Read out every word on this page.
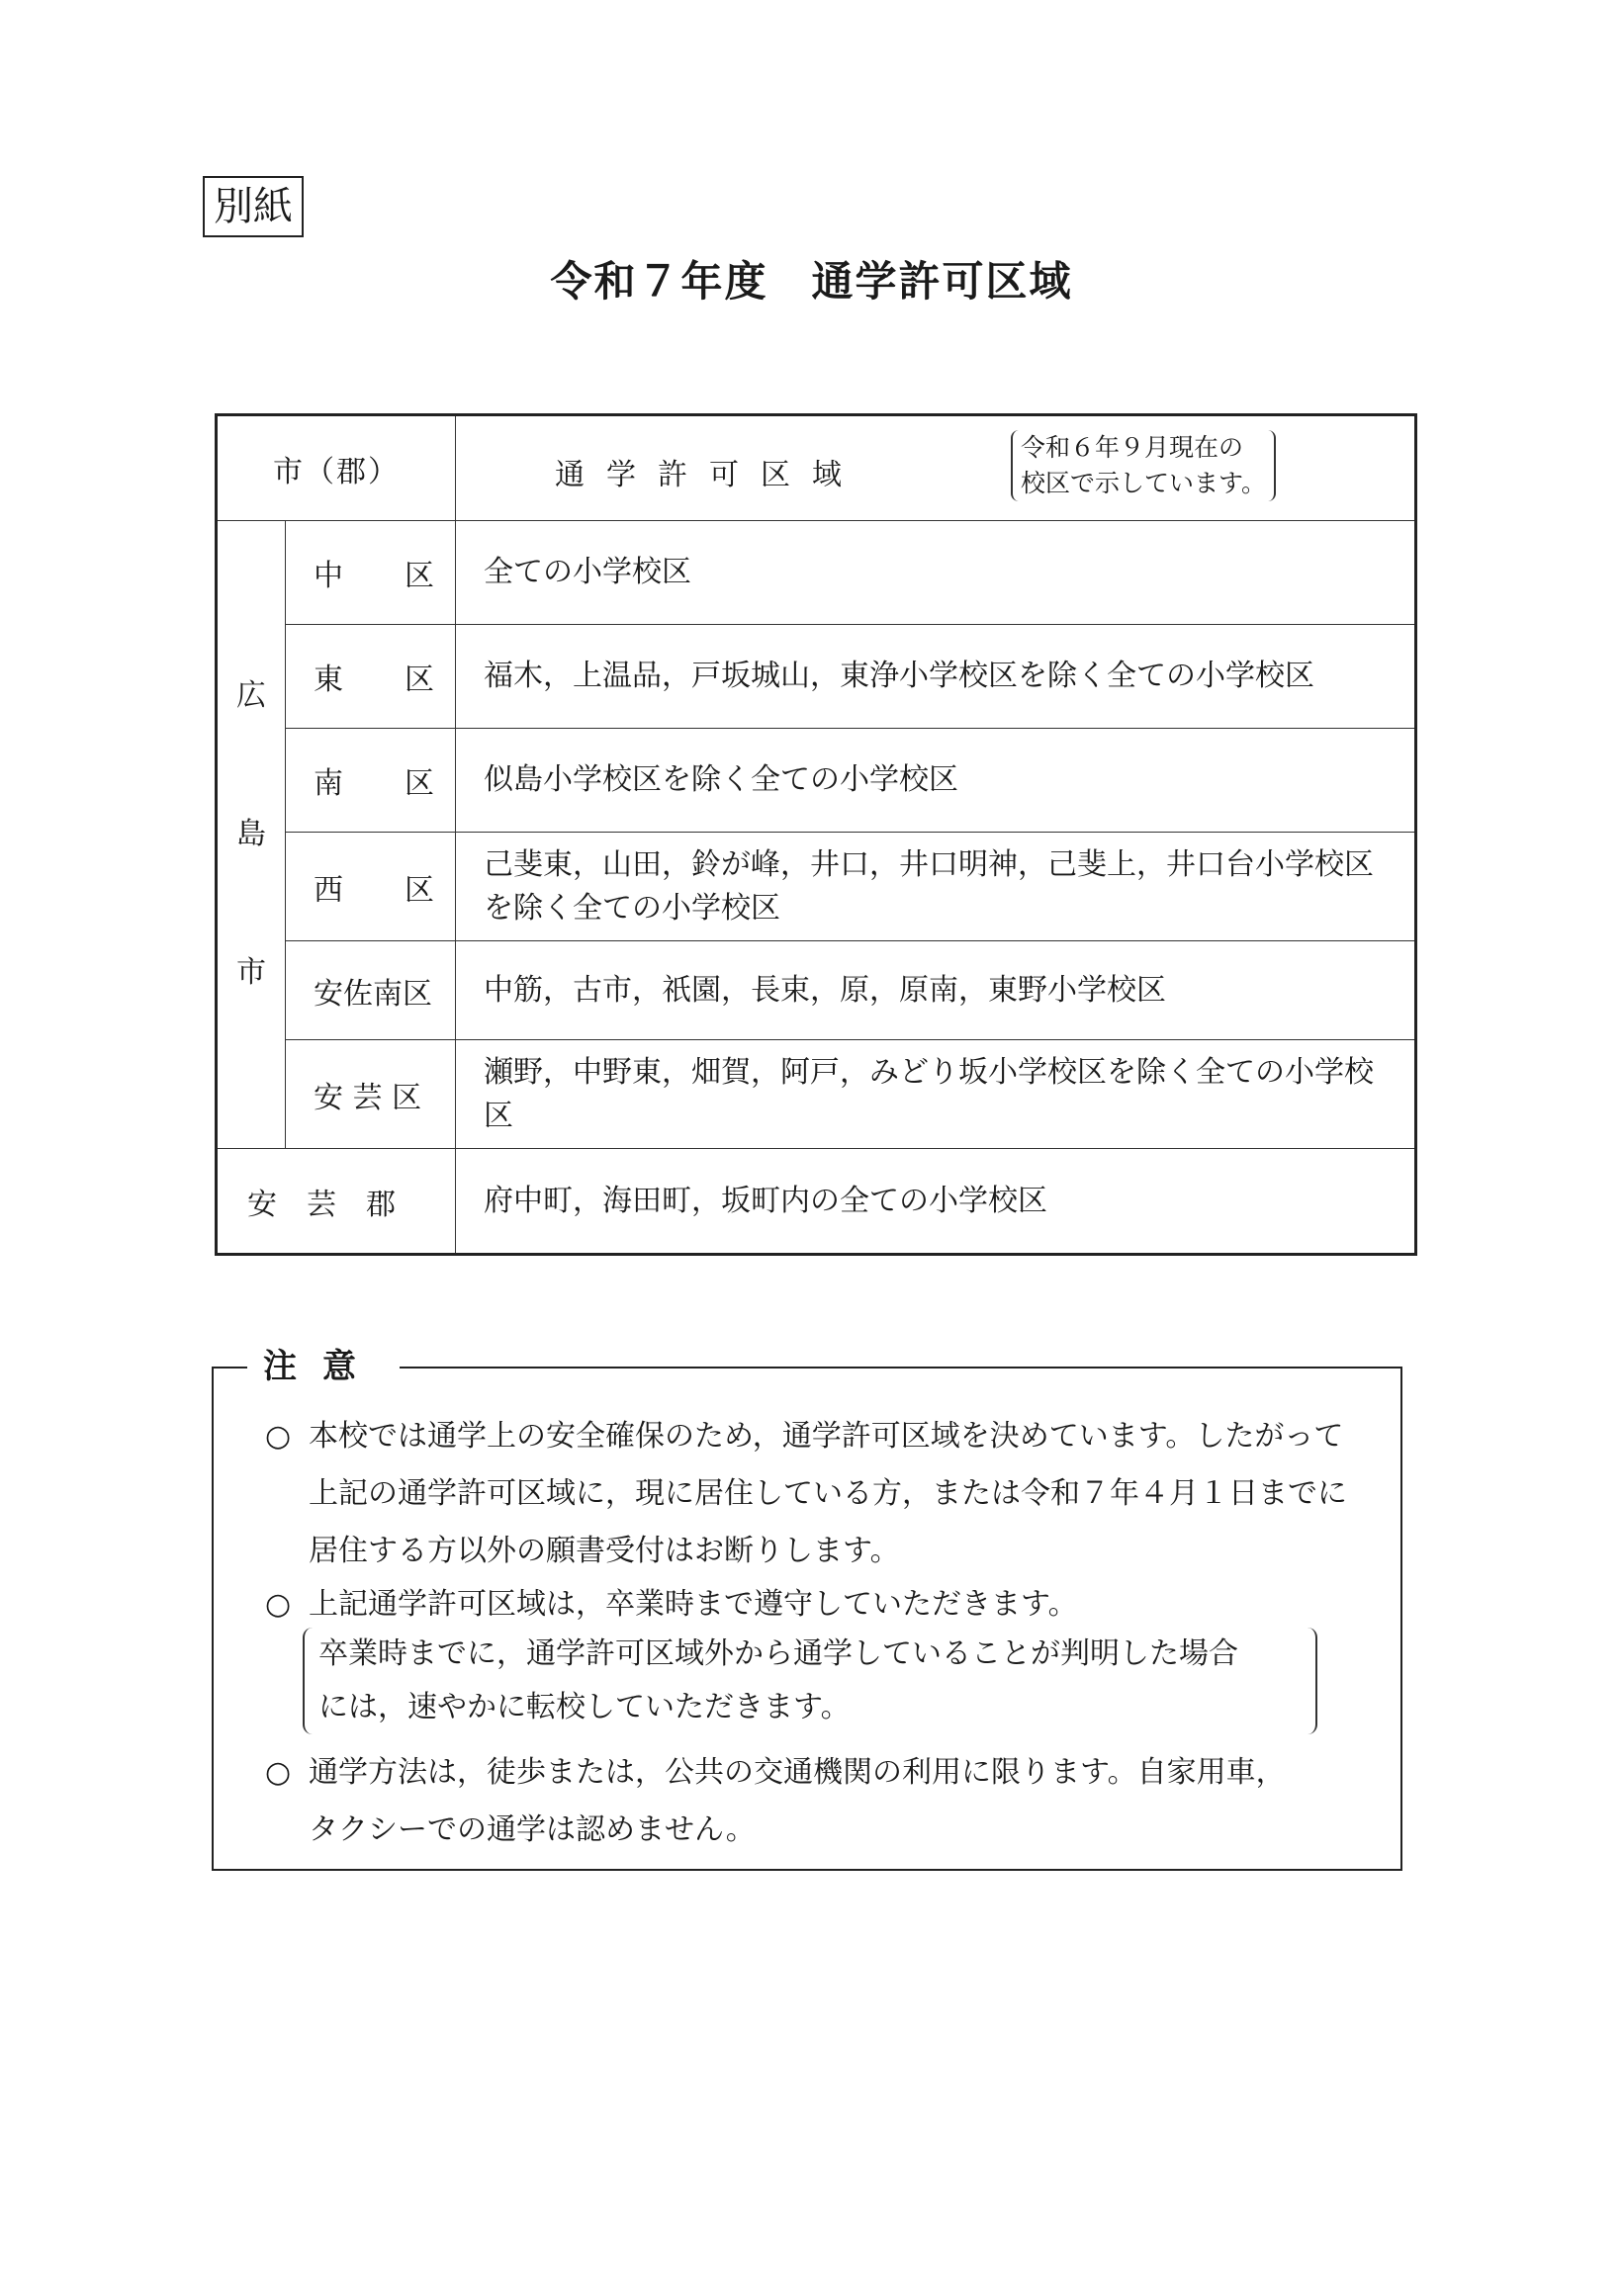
別紙
令和７年度 通学許可区域
市（郡）		通学許可区域
令和６年９月現在の
校区で示しています。

広
島
市	中 区	全ての小学校区
	東 区	福木，上温品，戸坂城山，東浄小学校区を除く全ての小学校区
	南 区	似島小学校区を除く全ての小学校区
	西 区	己斐東，山田，鈴が峰，井口，井口明神，己斐上，井口台小学校区を除く全ての小学校区
	安佐南区	中筋，古市，祇園，長束，原，原南，東野小学校区
	安 芸 区	瀬野，中野東，畑賀，阿戸，みどり坂小学校区を除く全ての小学校区
安芸郡		府中町，海田町，坂町内の全ての小学校区
注意
○ 本校では通学上の安全確保のため，通学許可区域を決めています。したがって
上記の通学許可区域に，現に居住している方，または令和７年４月１日までに
居住する方以外の願書受付はお断りします。
○ 上記通学許可区域は，卒業時まで遵守していただきます。
卒業時までに，通学許可区域外から通学していることが判明した場合
には，速やかに転校していただきます。
○ 通学方法は，徒歩または，公共の交通機関の利用に限ります。自家用車，
タクシーでの通学は認めません。
